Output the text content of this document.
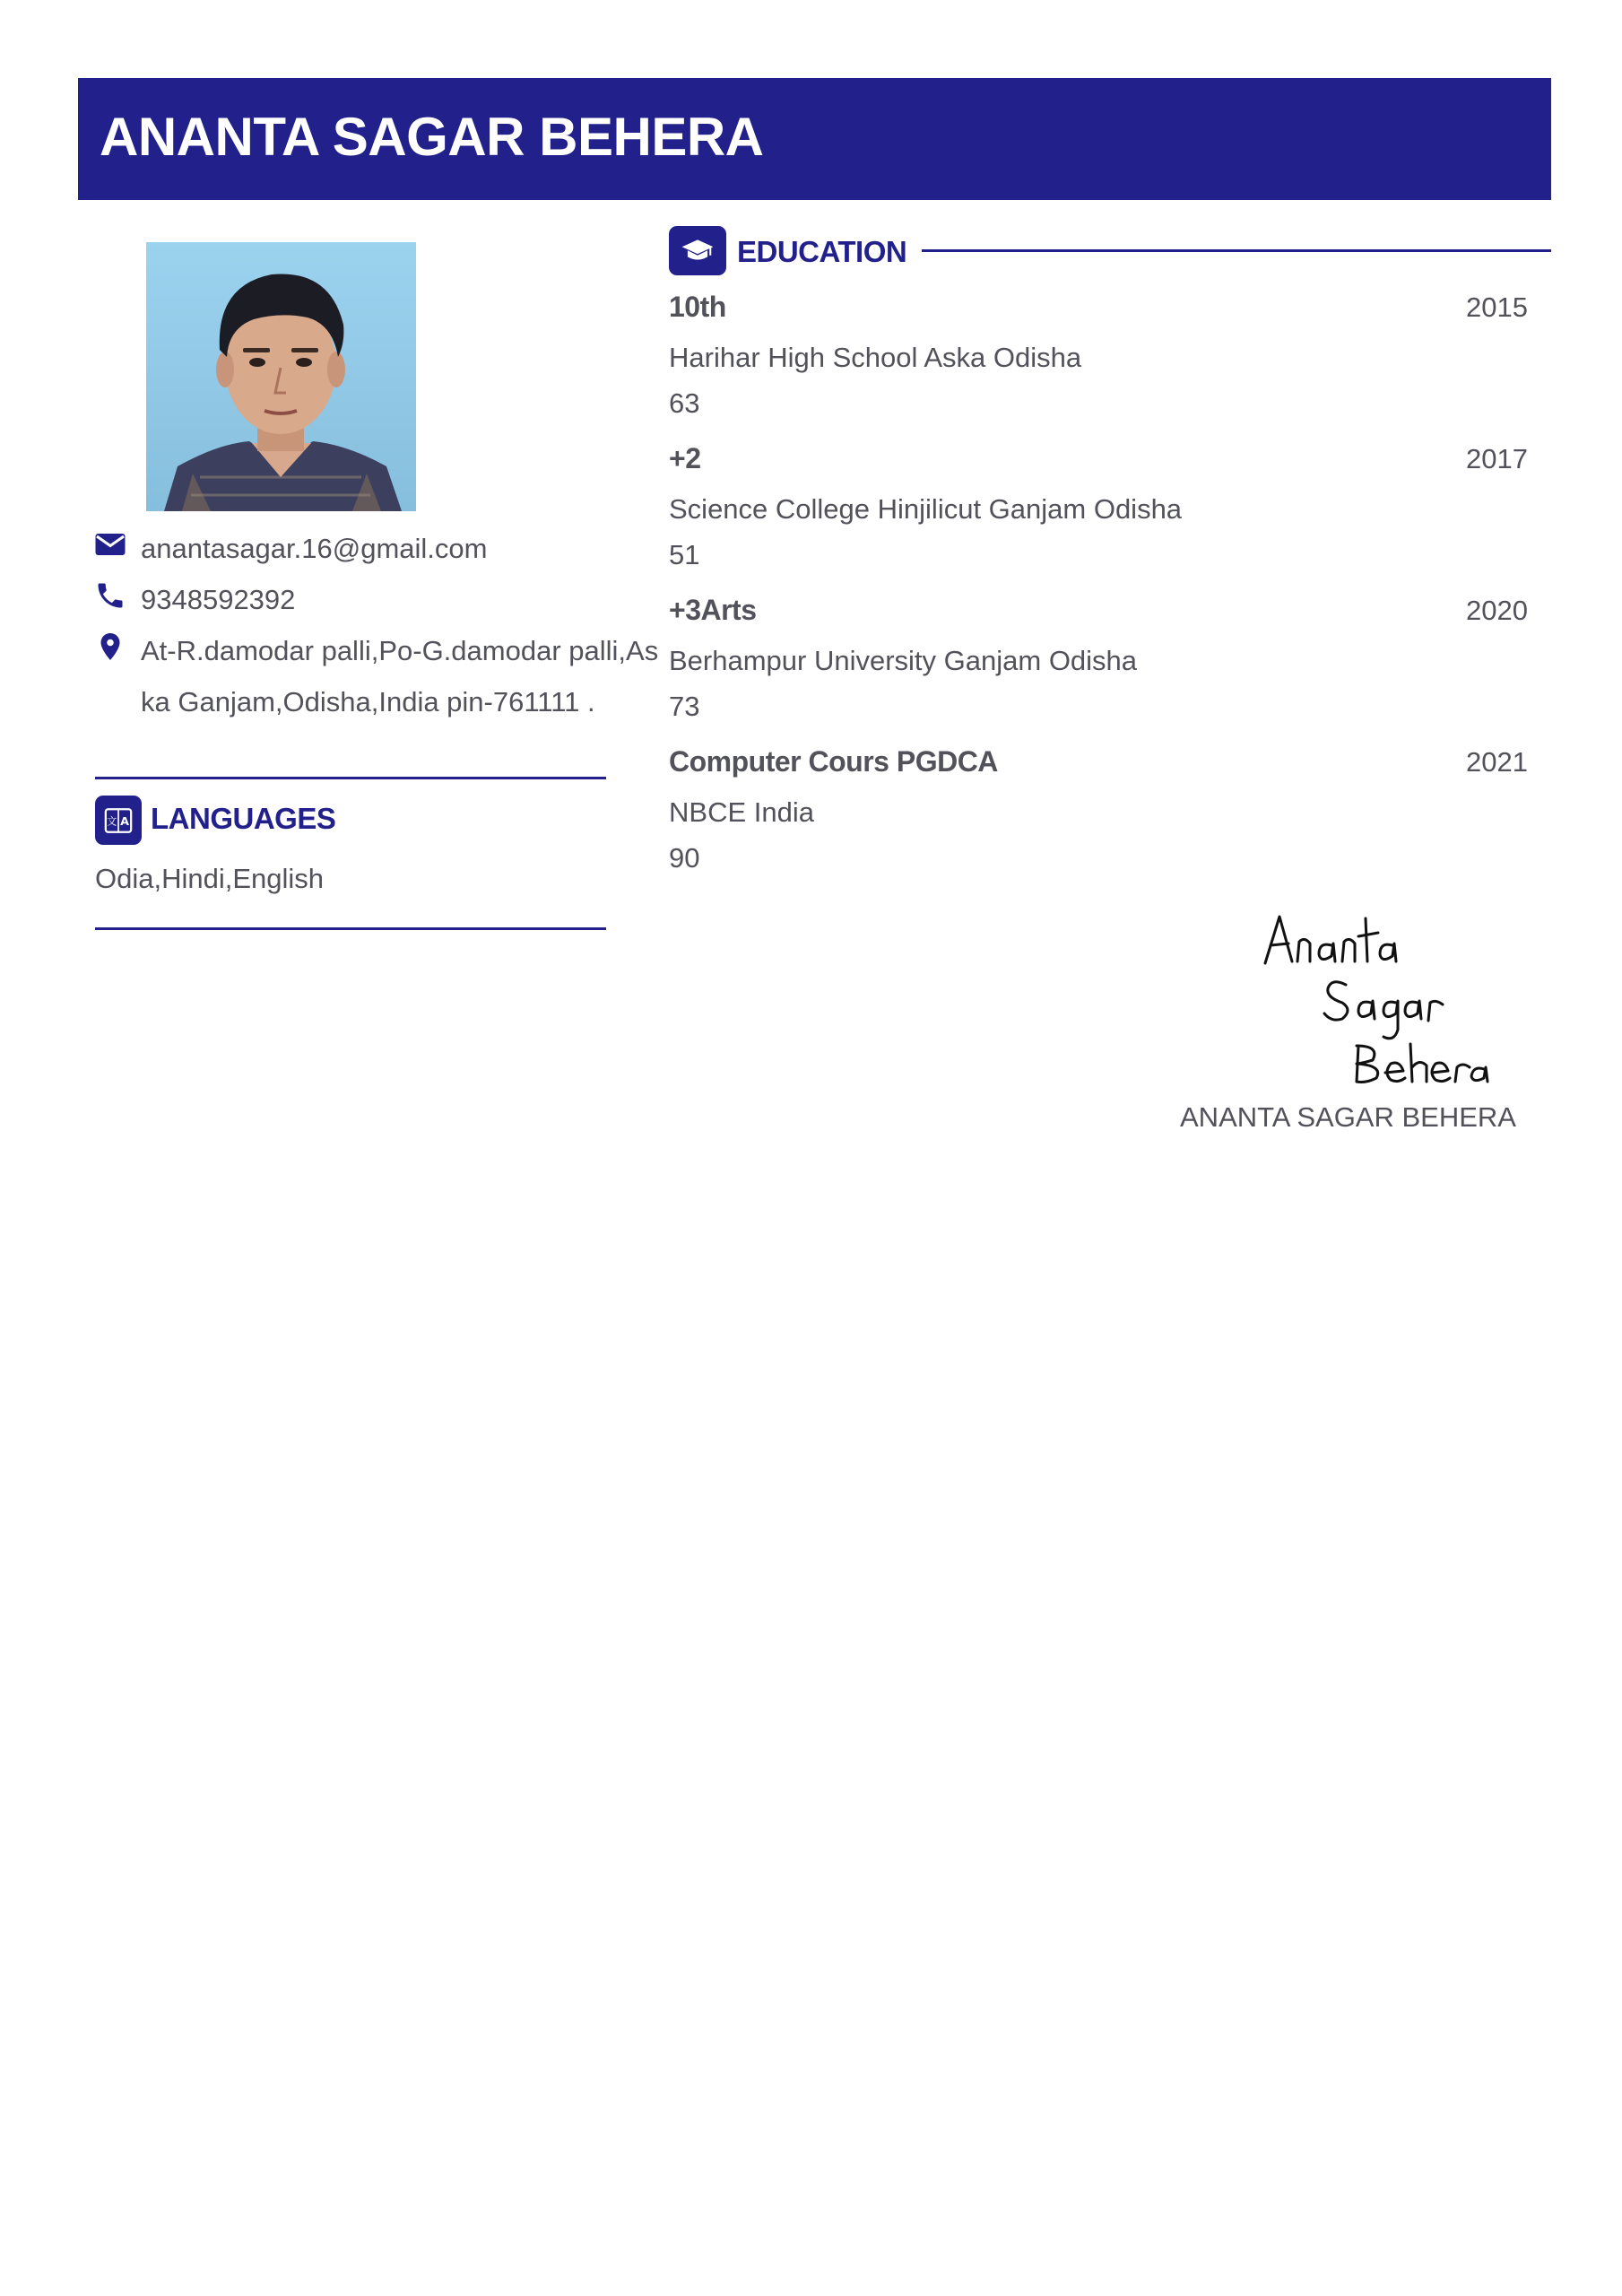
ANANTA SAGAR BEHERA
anantasagar.16@gmail.com
9348592392
At-R.damodar palli,Po-G.damodar palli,Aska Ganjam,Odisha,India pin-761111 .
文 A LANGUAGES
Odia,Hindi,English
EDUCATION
10th	2015
Harihar High School Aska Odisha
63
+2	2017
Science College Hinjilicut Ganjam Odisha
51
+3Arts	2020
Berhampur University Ganjam Odisha
73
Computer Cours PGDCA	2021
NBCE India
90
ANANTA SAGAR BEHERA
